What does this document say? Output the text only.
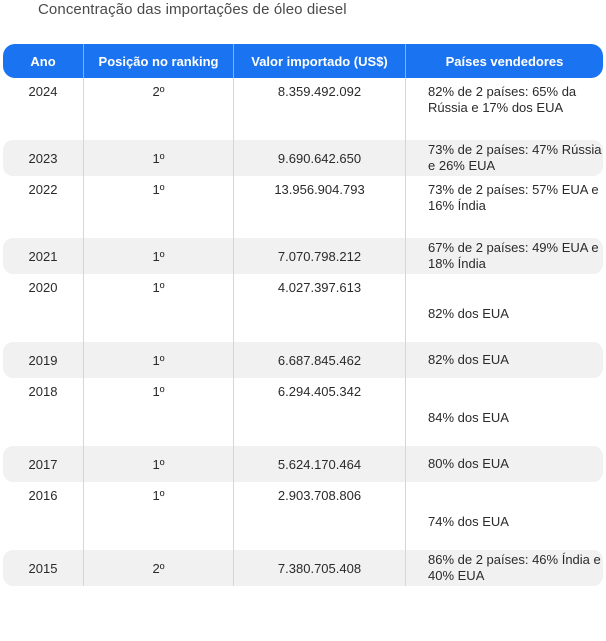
Concentração das importações de óleo diesel
Ano	Posição no ranking	Valor importado (US$)	Países vendedores
2024	2º	8.359.492.092	82% de 2 países: 65% da Rússia e 17% dos EUA
2023	1º	9.690.642.650	73% de 2 países: 47% Rússia e 26% EUA
2022	1º	13.956.904.793	73% de 2 países: 57% EUA e 16% Índia
2021	1º	7.070.798.212	67% de 2 países: 49% EUA e 18% Índia
2020	1º	4.027.397.613	82% dos EUA
2019	1º	6.687.845.462	82% dos EUA
2018	1º	6.294.405.342	84% dos EUA
2017	1º	5.624.170.464	80% dos EUA
2016	1º	2.903.708.806	74% dos EUA
2015	2º	7.380.705.408	86% de 2 países: 46% Índia e 40% EUA
